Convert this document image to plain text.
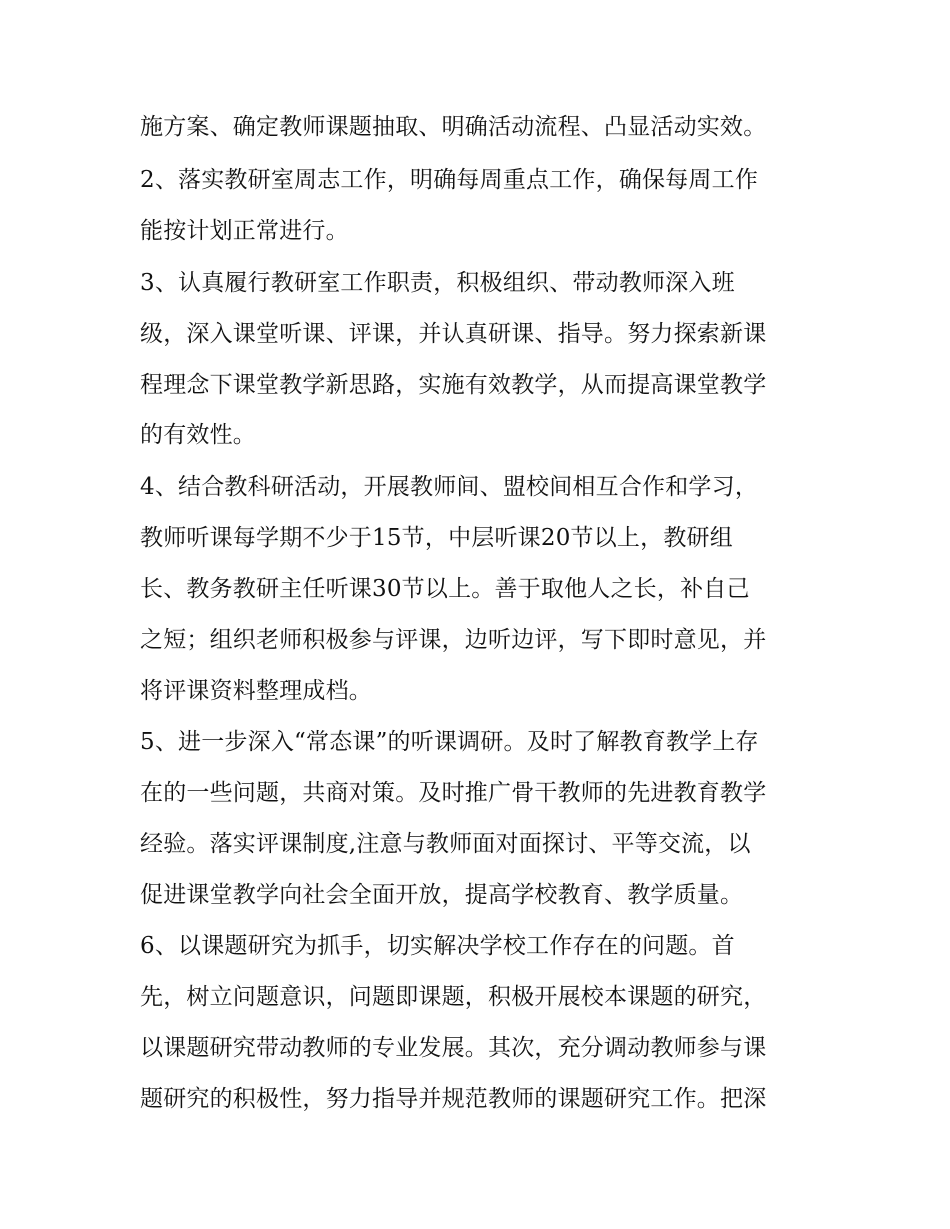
施方案、确定教师课题抽取、明确活动流程、凸显活动实效。
2、落实教研室周志工作，明确每周重点工作，确保每周工作
能按计划正常进行。
3、认真履行教研室工作职责，积极组织、带动教师深入班
级，深入课堂听课、评课，并认真研课、指导。努力探索新课
程理念下课堂教学新思路，实施有效教学，从而提高课堂教学
的有效性。
4、结合教科研活动，开展教师间、盟校间相互合作和学习，
教师听课每学期不少于15节，中层听课20节以上，教研组
长、教务教研主任听课30节以上。善于取他人之长，补自己
之短；组织老师积极参与评课，边听边评，写下即时意见，并
将评课资料整理成档。
5、进一步深入“常态课”的听课调研。及时了解教育教学上存
在的一些问题，共商对策。及时推广骨干教师的先进教育教学
经验。落实评课制度,注意与教师面对面探讨、平等交流，以
促进课堂教学向社会全面开放，提高学校教育、教学质量。
6、以课题研究为抓手，切实解决学校工作存在的问题。首
先，树立问题意识，问题即课题，积极开展校本课题的研究，
以课题研究带动教师的专业发展。其次，充分调动教师参与课
题研究的积极性，努力指导并规范教师的课题研究工作。把深
